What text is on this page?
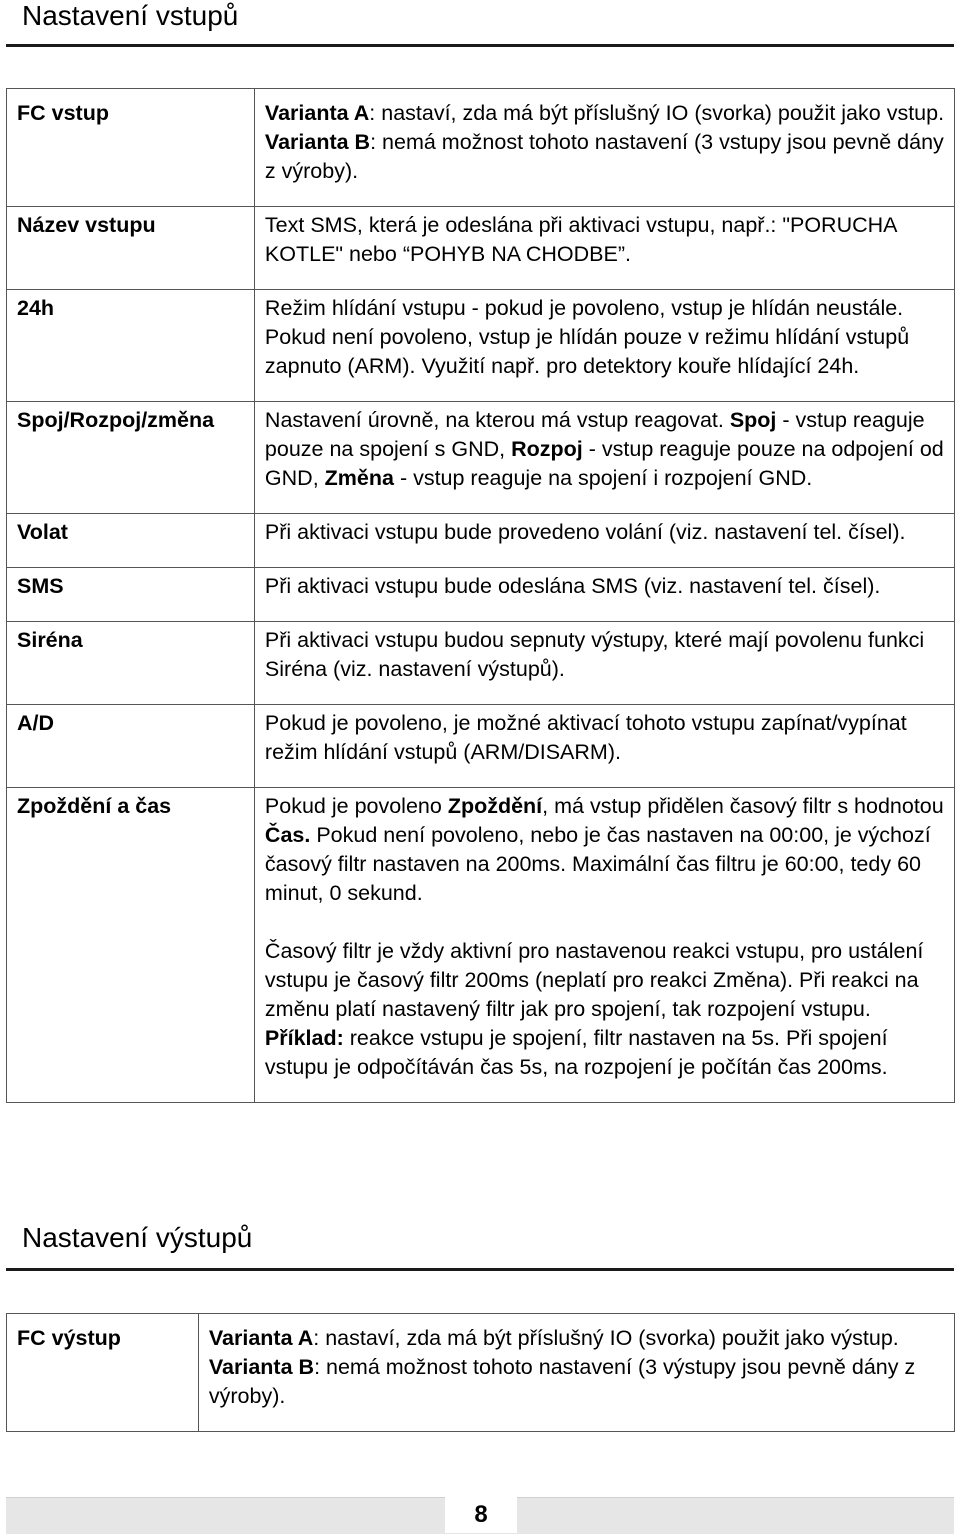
Nastavení vstupů
FC vstup	Varianta A: nastaví, zda má být příslušný IO (svorka) použit jako vstup.
Varianta B: nemá možnost tohoto nastavení (3 vstupy jsou pevně dány z výroby).

Název vstupu	Text SMS, která je odeslána při aktivaci vstupu, např.: "PORUCHA KOTLE" nebo “POHYB NA CHODBE”.

24h	Režim hlídání vstupu - pokud je povoleno, vstup je hlídán neustále. Pokud není povoleno, vstup je hlídán pouze v režimu hlídání vstupů zapnuto (ARM). Využití např. pro detektory kouře hlídající 24h.

Spoj/Rozpoj/změna	Nastavení úrovně, na kterou má vstup reagovat. Spoj - vstup reaguje pouze na spojení s GND, Rozpoj - vstup reaguje pouze na odpojení od GND, Změna - vstup reaguje na spojení i rozpojení GND.

Volat	Při aktivaci vstupu bude provedeno volání (viz. nastavení tel. čísel).

SMS	Při aktivaci vstupu bude odeslána SMS (viz. nastavení tel. čísel).

Siréna	Při aktivaci vstupu budou sepnuty výstupy, které mají povolenu funkci Siréna (viz. nastavení výstupů).

A/D	Pokud je povoleno, je možné aktivací tohoto vstupu zapínat/vypínat režim hlídání vstupů (ARM/DISARM).

Zpoždění a čas	Pokud je povoleno Zpoždění, má vstup přidělen časový filtr s hodnotou Čas. Pokud není povoleno, nebo je čas nastaven na 00:00, je výchozí časový filtr nastaven na 200ms. Maximální čas filtru je 60:00, tedy 60 minut, 0 sekund.
Časový filtr je vždy aktivní pro nastavenou reakci vstupu, pro ustálení vstupu je časový filtr 200ms (neplatí pro reakci Změna). Při reakci na změnu platí nastavený filtr jak pro spojení, tak rozpojení vstupu. Příklad: reakce vstupu je spojení, filtr nastaven na 5s. Při spojení vstupu je odpočítáván čas 5s, na rozpojení je počítán čas 200ms.
Nastavení výstupů
FC výstup	Varianta A: nastaví, zda má být příslušný IO (svorka) použit jako výstup.
Varianta B: nemá možnost tohoto nastavení (3 výstupy jsou pevně dány z výroby).
8
